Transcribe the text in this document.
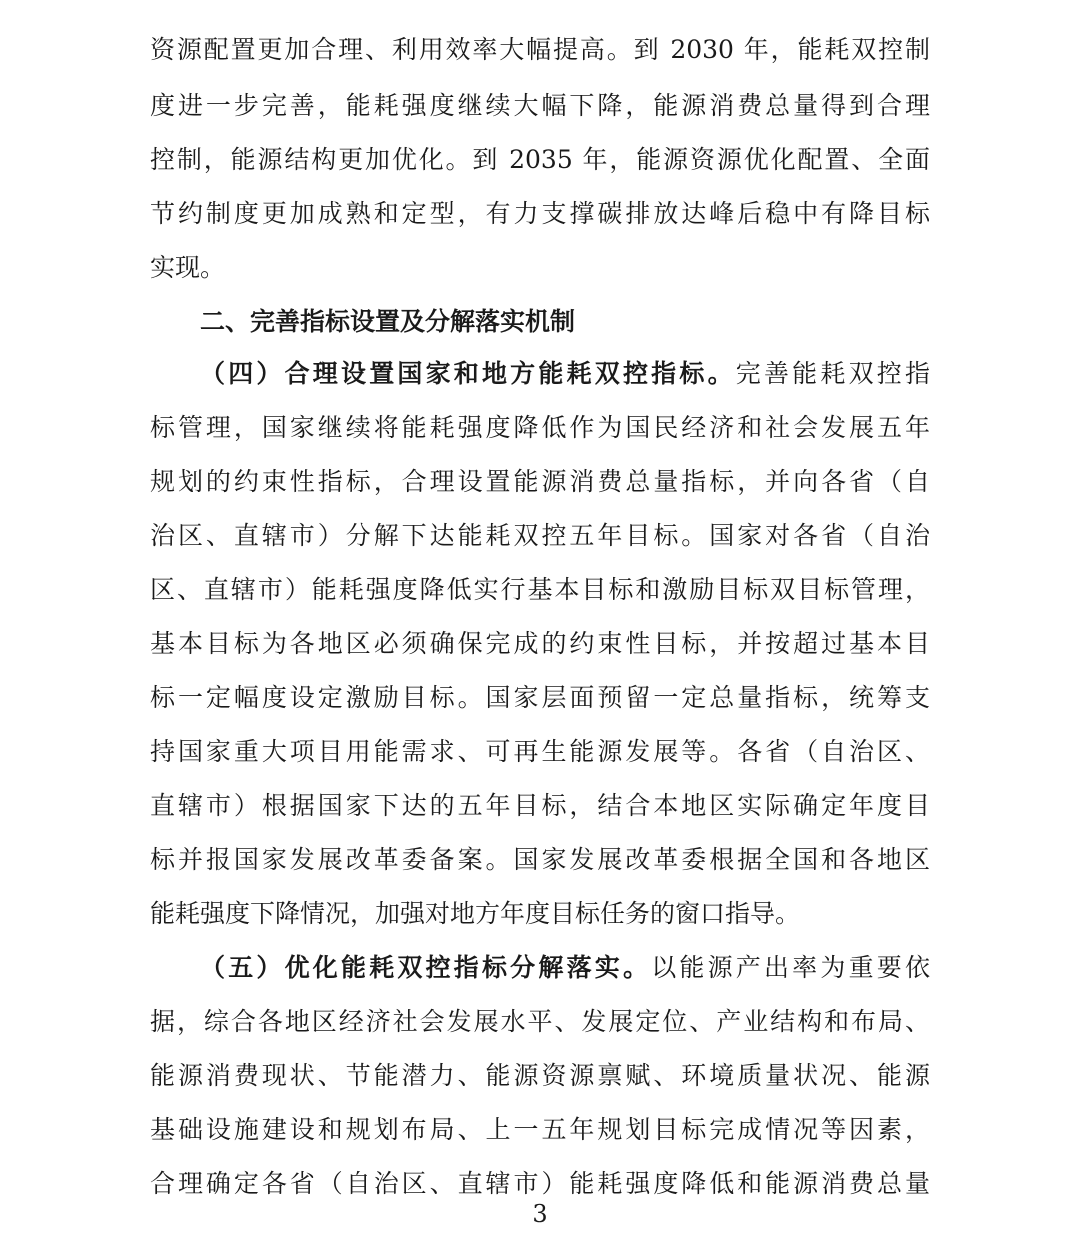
资源配置更加合理、利用效率大幅提高。到 2030 年，能耗双控制
度进一步完善，能耗强度继续大幅下降，能源消费总量得到合理
控制，能源结构更加优化。到 2035 年，能源资源优化配置、全面
节约制度更加成熟和定型，有力支撑碳排放达峰后稳中有降目标
实现。
二、完善指标设置及分解落实机制
（四）合理设置国家和地方能耗双控指标。完善能耗双控指
标管理，国家继续将能耗强度降低作为国民经济和社会发展五年
规划的约束性指标，合理设置能源消费总量指标，并向各省（自
治区、直辖市）分解下达能耗双控五年目标。国家对各省（自治
区、直辖市）能耗强度降低实行基本目标和激励目标双目标管理，
基本目标为各地区必须确保完成的约束性目标，并按超过基本目
标一定幅度设定激励目标。国家层面预留一定总量指标，统筹支
持国家重大项目用能需求、可再生能源发展等。各省（自治区、
直辖市）根据国家下达的五年目标，结合本地区实际确定年度目
标并报国家发展改革委备案。国家发展改革委根据全国和各地区
能耗强度下降情况，加强对地方年度目标任务的窗口指导。
（五）优化能耗双控指标分解落实。以能源产出率为重要依
据，综合各地区经济社会发展水平、发展定位、产业结构和布局、
能源消费现状、节能潜力、能源资源禀赋、环境质量状况、能源
基础设施建设和规划布局、上一五年规划目标完成情况等因素，
合理确定各省（自治区、直辖市）能耗强度降低和能源消费总量
3
